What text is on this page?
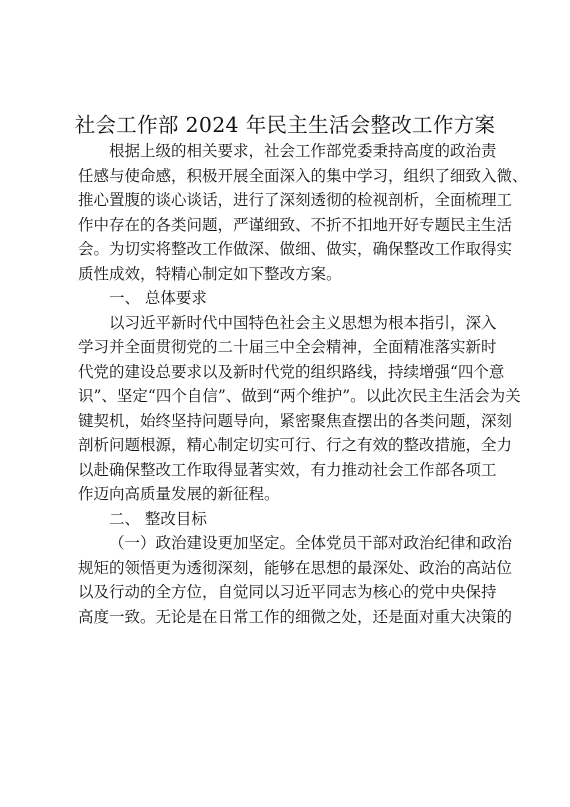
社会工作部 2024 年民主生活会整改工作方案
根据上级的相关要求，社会工作部党委秉持高度的政治责
任感与使命感，积极开展全面深入的集中学习，组织了细致入微、
推心置腹的谈心谈话，进行了深刻透彻的检视剖析，全面梳理工
作中存在的各类问题，严谨细致、不折不扣地开好专题民主生活
会。为切实将整改工作做深、做细、做实，确保整改工作取得实
质性成效，特精心制定如下整改方案。
一、 总体要求
以习近平新时代中国特色社会主义思想为根本指引，深入
学习并全面贯彻党的二十届三中全会精神，全面精准落实新时
代党的建设总要求以及新时代党的组织路线，持续增强“四个意
识”、坚定“四个自信”、做到“两个维护”。以此次民主生活会为关
键契机，始终坚持问题导向，紧密聚焦查摆出的各类问题，深刻
剖析问题根源，精心制定切实可行、行之有效的整改措施，全力
以赴确保整改工作取得显著实效，有力推动社会工作部各项工
作迈向高质量发展的新征程。
二、 整改目标
（一）政治建设更加坚定。全体党员干部对政治纪律和政治
规矩的领悟更为透彻深刻，能够在思想的最深处、政治的高站位
以及行动的全方位，自觉同以习近平同志为核心的党中央保持
高度一致。无论是在日常工作的细微之处，还是面对重大决策的
